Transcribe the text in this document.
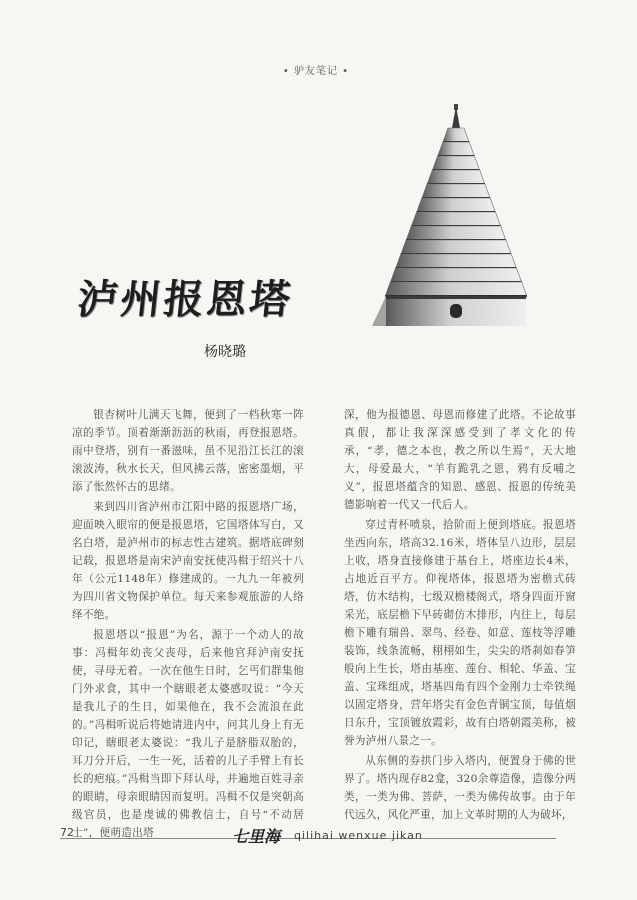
• 驴友笔记 •
泸州报恩塔
杨晓璐

银杏树叶儿满天飞舞，便到了一档秋寒一阵凉的季节。顶着渐渐沥沥的秋雨，再登报恩塔。雨中登塔，别有一番滋味，虽不见沿江长江的滚滚波涛，秋水长天，但风拂云落，密密墨烟，平添了怅然怀古的思绪。

来到四川省泸州市江阳中路的报恩塔广场，迎面映入眼帘的便是报恩塔，它国塔体写白，又名白塔，是泸州市的标志性古建筑。据塔底碑刻记载，报恩塔是南宋泸南安抚使冯楫于绍兴十八年（公元1148年）修建成的。一九九一年被列为四川省文物保护单位。每天来参观旅游的人络绎不绝。

报恩塔以“报恩”为名，源于一个动人的故事：冯楫年幼丧父丧母，后来他官拜泸南安抚使，寻母无着。一次在他生日时，乞丐们群集他门外求食，其中一个瞎眼老太婆感叹说：“今天是我儿子的生日，如果他在，我不会流浪在此的。”冯楫听说后将她请进内中，问其儿身上有无印记，瞎眼老太婆说：“我儿子是脐脂双胎的，耳刀分开后，一生一死，活着的儿子手臂上有长长的疤痕。”冯楫当即下拜认母，并遍地百姓寻亲的眼睛，母亲眼睛因而复明。冯楫不仅是突朝高级官员，也是虔诚的佛教信士，自号“不动居士”，便萌造出塔

深，他为报德恩、母恩而修建了此塔。不论故事真假，都让我深深感受到了孝文化的传承，“孝，德之本也，教之所以生焉”，天大地大，母爱最大，“羊有跪乳之恩，鸦有反哺之义”，报恩塔蕴含的知恩、感恩、报恩的传统美德影响着一代又一代后人。

穿过青杯喷泉，拾阶而上便到塔底。报恩塔坐西向东，塔高32.16米，塔体呈八边形，层层上收，塔身直接修建于基台上，塔座边长4米，占地近百平方。仰视塔体，报恩塔为密檐式砖塔，仿木结构，七级双檐楼阁式，塔身四面开窗采光，底层檐下早砖砌仿木排形，内往上，每层檐下雕有瑞兽、翠鸟、经卷、如意、莲枝等浮雕装饰，线条流畅，栩栩如生，尖尖的塔刹如春笋般向上生长，塔由基座、莲台、相轮、华盖、宝盖、宝珠组成，塔基四角有四个金刚力士牵铁绳以固定塔身，营年塔尖有金色青铜宝顶，每值烟日东升，宝顶镀放霞彩，故有白塔朝霞美称，被誉为泸州八景之一。

从东侧的券拱门步入塔内，便置身于佛的世界了。塔内现存82龛，320余尊造像，造像分两类，一类为佛、菩萨，一类为佛传故事。由于年代远久，风化严重，加上文革时期的人为破坏，

72	七里海 qilihai wenxue jikan
